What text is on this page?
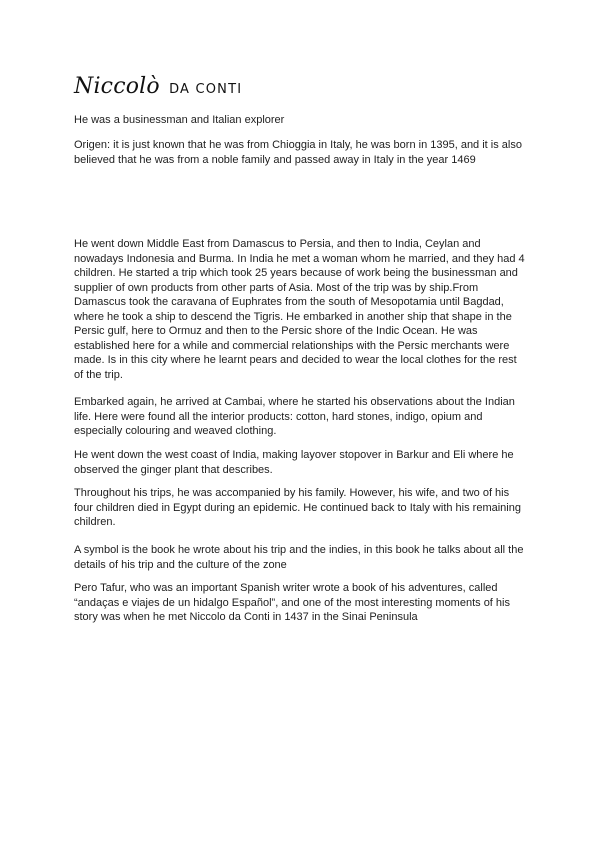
Niccolò DA CONTI

He was a businessman and Italian explorer

Origen: it is just known that he was from Chioggia in Italy, he was born in 1395, and it is also believed that he was from a noble family and passed away in Italy in the year 1469

He went down Middle East from Damascus to Persia, and then to India, Ceylan and nowadays Indonesia and Burma. In India he met a woman whom he married, and they had 4 children. He started a trip which took 25 years because of work being the businessman and supplier of own products from other parts of Asia. Most of the trip was by ship.From Damascus took the caravana of Euphrates from the south of Mesopotamia until Bagdad, where he took a ship to descend the Tigris. He embarked in another ship that shape in the Persic gulf, here to Ormuz and then to the Persic shore of the Indic Ocean. He was established here for a while and commercial relationships with the Persic merchants were made. Is in this city where he learnt pears and decided to wear the local clothes for the rest of the trip.

Embarked again, he arrived at Cambai, where he started his observations about the Indian life. Here were found all the interior products: cotton, hard stones, indigo, opium and especially colouring and weaved clothing.

He went down the west coast of India, making layover stopover in Barkur and Eli where he observed the ginger plant that describes.

Throughout his trips, he was accompanied by his family. However, his wife, and two of his four children died in Egypt during an epidemic. He continued back to Italy with his remaining children.

A symbol is the book he wrote about his trip and the indies, in this book he talks about all the details of his trip and the culture of the zone

Pero Tafur, who was an important Spanish writer wrote a book of his adventures, called “andaças e viajes de un hidalgo Español”, and one of the most interesting moments of his story was when he met Niccolo da Conti in 1437 in the Sinai Peninsula
